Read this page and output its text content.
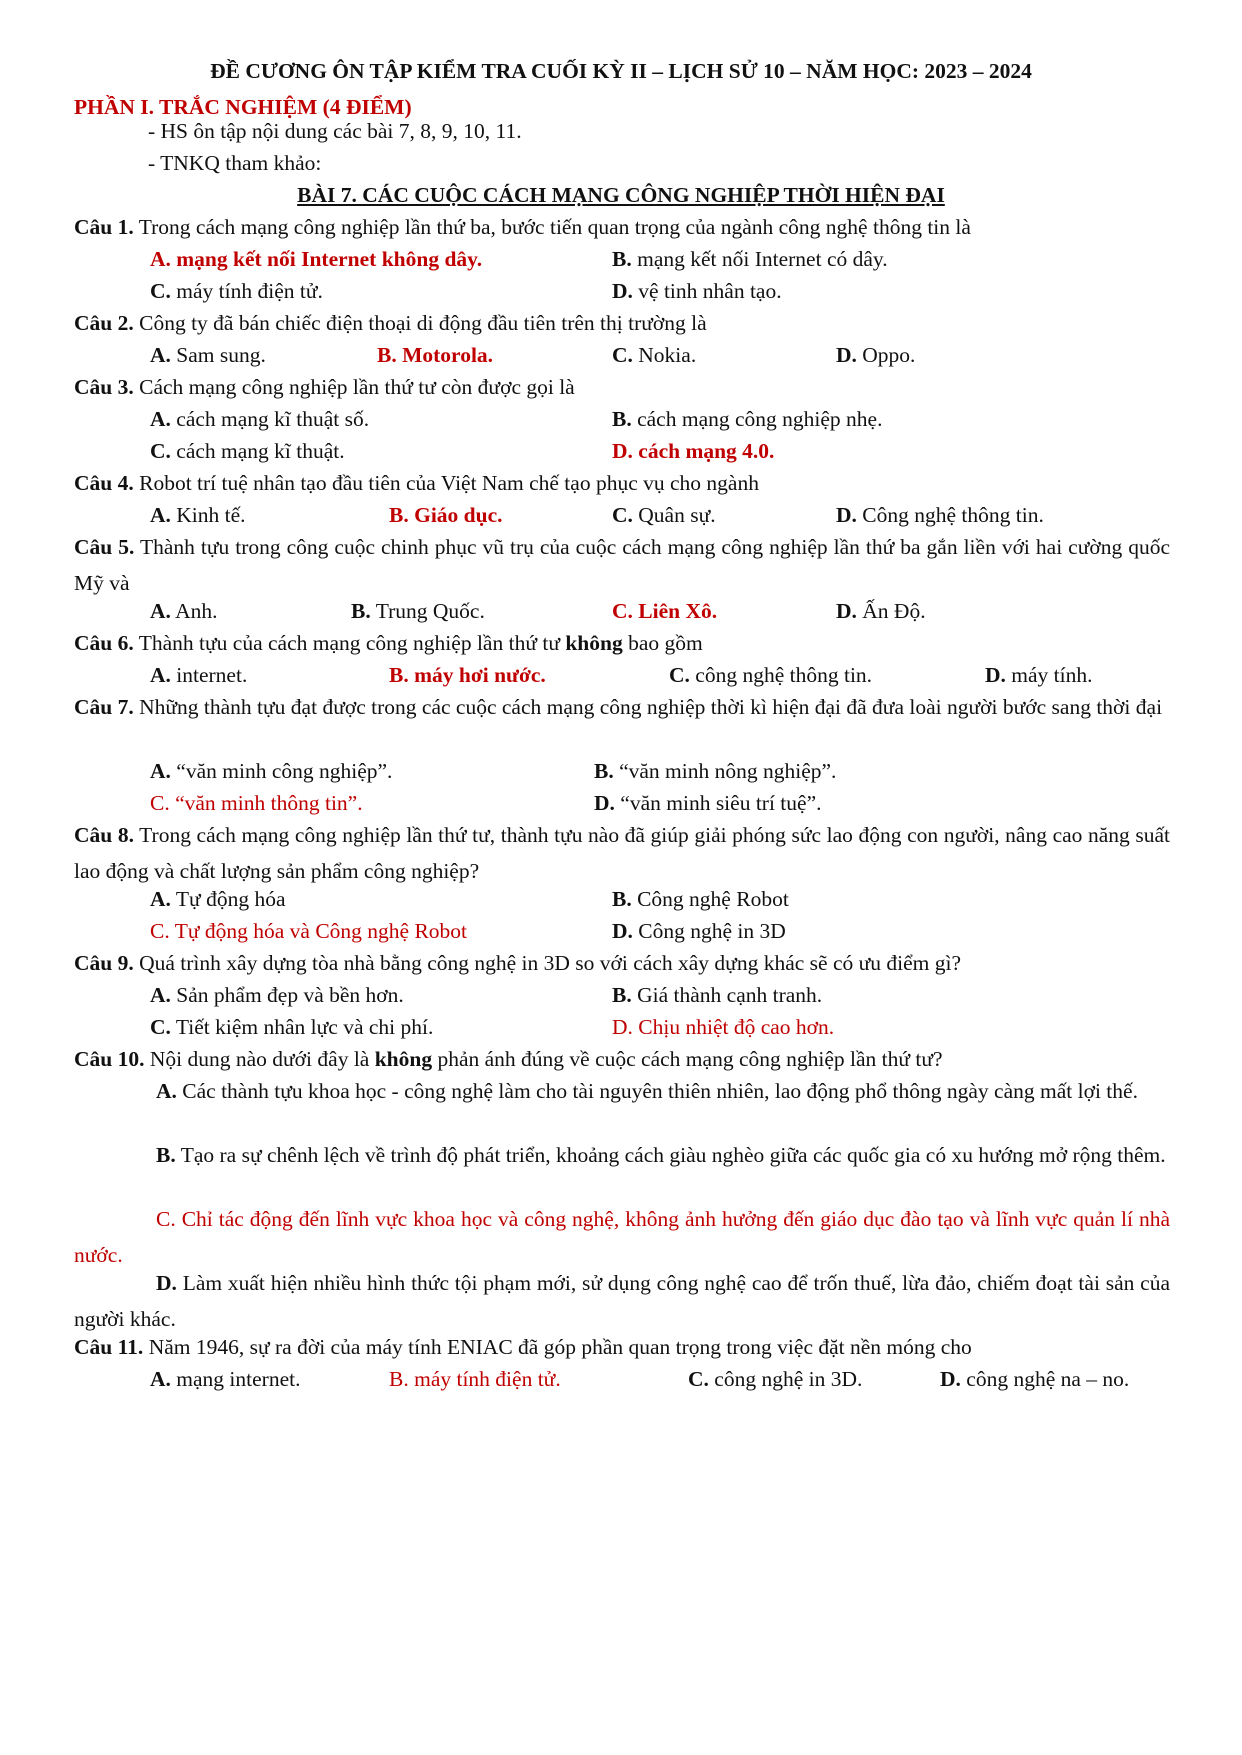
ĐỀ CƯƠNG ÔN TẬP KIỂM TRA CUỐI KỲ II – LỊCH SỬ 10 – NĂM HỌC: 2023 – 2024
PHẦN I. TRẮC NGHIỆM (4 ĐIỂM)
- HS ôn tập nội dung các bài 7, 8, 9, 10, 11.
- TNKQ tham khảo:
BÀI 7. CÁC CUỘC CÁCH MẠNG CÔNG NGHIỆP THỜI HIỆN ĐẠI
Câu 1. Trong cách mạng công nghiệp lần thứ ba, bước tiến quan trọng của ngành công nghệ thông tin là
A. mạng kết nối Internet không dây.	B. mạng kết nối Internet có dây.
C. máy tính điện tử.	D. vệ tinh nhân tạo.
Câu 2. Công ty đã bán chiếc điện thoại di động đầu tiên trên thị trường là
A. Sam sung.	B. Motorola.	C. Nokia.	D. Oppo.
Câu 3. Cách mạng công nghiệp lần thứ tư còn được gọi là
A. cách mạng kĩ thuật số.	B. cách mạng công nghiệp nhẹ.
C. cách mạng kĩ thuật.	D. cách mạng 4.0.
Câu 4. Robot trí tuệ nhân tạo đầu tiên của Việt Nam chế tạo phục vụ cho ngành
A. Kinh tế.	B. Giáo dục.	C. Quân sự.	D. Công nghệ thông tin.
Câu 5. Thành tựu trong công cuộc chinh phục vũ trụ của cuộc cách mạng công nghiệp lần thứ ba gắn liền với hai cường quốc Mỹ và
A. Anh.	B. Trung Quốc.	C. Liên Xô.	D. Ấn Độ.
Câu 6. Thành tựu của cách mạng công nghiệp lần thứ tư không bao gồm
A. internet.	B. máy hơi nước.	C. công nghệ thông tin.	D. máy tính.
Câu 7. Những thành tựu đạt được trong các cuộc cách mạng công nghiệp thời kì hiện đại đã đưa loài người bước sang thời đại
A. “văn minh công nghiệp”.	B. “văn minh nông nghiệp”.
C. “văn minh thông tin”.	D. “văn minh siêu trí tuệ”.
Câu 8. Trong cách mạng công nghiệp lần thứ tư, thành tựu nào đã giúp giải phóng sức lao động con người, nâng cao năng suất lao động và chất lượng sản phẩm công nghiệp?
A. Tự động hóa	B. Công nghệ Robot
C. Tự động hóa và Công nghệ Robot	D. Công nghệ in 3D
Câu 9. Quá trình xây dựng tòa nhà bằng công nghệ in 3D so với cách xây dựng khác sẽ có ưu điểm gì?
A. Sản phẩm đẹp và bền hơn.	B. Giá thành cạnh tranh.
C. Tiết kiệm nhân lực và chi phí.	D. Chịu nhiệt độ cao hơn.
Câu 10. Nội dung nào dưới đây là không phản ánh đúng về cuộc cách mạng công nghiệp lần thứ tư?
A. Các thành tựu khoa học - công nghệ làm cho tài nguyên thiên nhiên, lao động phổ thông ngày càng mất lợi thế.
B. Tạo ra sự chênh lệch về trình độ phát triển, khoảng cách giàu nghèo giữa các quốc gia có xu hướng mở rộng thêm.
C. Chỉ tác động đến lĩnh vực khoa học và công nghệ, không ảnh hưởng đến giáo dục đào tạo và lĩnh vực quản lí nhà nước.
D. Làm xuất hiện nhiều hình thức tội phạm mới, sử dụng công nghệ cao để trốn thuế, lừa đảo, chiếm đoạt tài sản của người khác.
Câu 11. Năm 1946, sự ra đời của máy tính ENIAC đã góp phần quan trọng trong việc đặt nền móng cho
A. mạng internet.	B. máy tính điện tử.	C. công nghệ in 3D.	D. công nghệ na – no.
